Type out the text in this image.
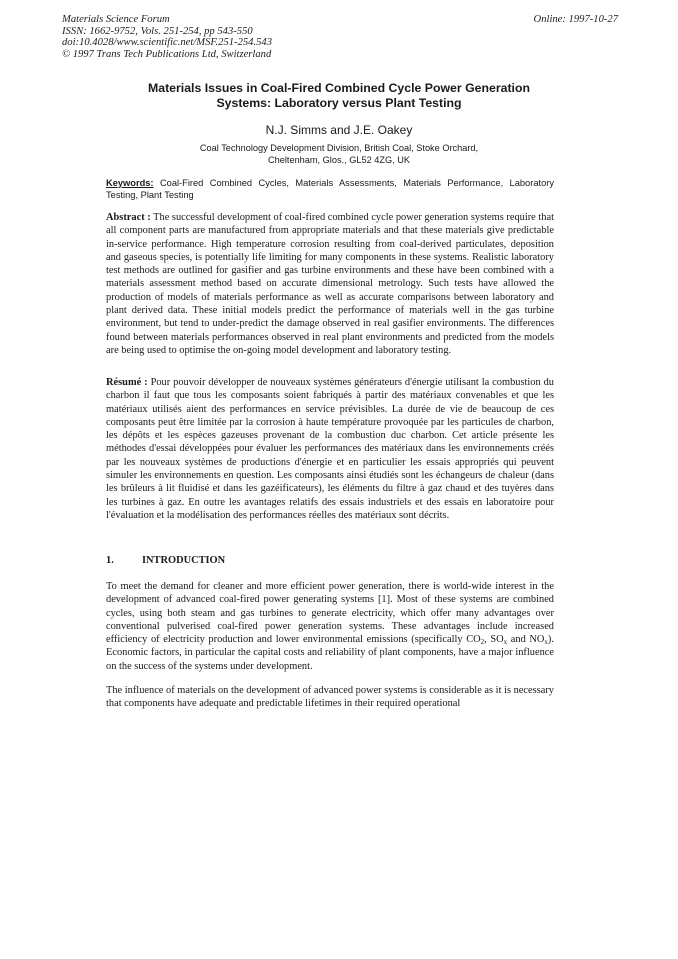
Materials Science Forum
ISSN: 1662-9752, Vols. 251-254, pp 543-550
doi:10.4028/www.scientific.net/MSF.251-254.543
© 1997 Trans Tech Publications Ltd, Switzerland
Online: 1997-10-27
Materials Issues in Coal-Fired Combined Cycle Power Generation
Systems: Laboratory versus Plant Testing
N.J. Simms and J.E. Oakey
Coal Technology Development Division, British Coal, Stoke Orchard,
Cheltenham, Glos., GL52 4ZG, UK
Keywords: Coal-Fired Combined Cycles, Materials Assessments, Materials Performance, Laboratory Testing, Plant Testing
Abstract : The successful development of coal-fired combined cycle power generation systems require that all component parts are manufactured from appropriate materials and that these materials give predictable in-service performance. High temperature corrosion resulting from coal-derived particulates, deposition and gaseous species, is potentially life limiting for many components in these systems. Realistic laboratory test methods are outlined for gasifier and gas turbine environments and these have been combined with a materials assessment method based on accurate dimensional metrology. Such tests have allowed the production of models of materials performance as well as accurate comparisons between laboratory and plant derived data. These initial models predict the performance of materials well in the gas turbine environment, but tend to under-predict the damage observed in real gasifier environments. The differences found between materials performances observed in real plant environments and predicted from the models are being used to optimise the on-going model development and laboratory testing.
Résumé : Pour pouvoir développer de nouveaux systèmes générateurs d'énergie utilisant la combustion du charbon il faut que tous les composants soient fabriqués à partir des matériaux convenables et que les matériaux utilisés aient des performances en service prévisibles. La durée de vie de beaucoup de ces composants peut être limitée par la corrosion à haute température provoquée par les particules de charbon, les dépôts et les espèces gazeuses provenant de la combustion duc charbon. Cet article présente les méthodes d'essai développées pour évaluer les performances des matériaux dans les environnements créés par les nouveaux systèmes de productions d'énergie et en particulier les essais appropriés qui peuvent simuler les environnements en question. Les composants ainsi étudiés sont les échangeurs de chaleur (dans les brûleurs à lit fluidisé et dans les gazéificateurs), les éléments du filtre à gaz chaud et des tuyères dans les turbines à gaz. En outre les avantages relatifs des essais industriels et des essais en laboratoire pour l'évaluation et la modélisation des performances réelles des matériaux sont décrits.
1.	INTRODUCTION
To meet the demand for cleaner and more efficient power generation, there is world-wide interest in the development of advanced coal-fired power generating systems [1]. Most of these systems are combined cycles, using both steam and gas turbines to generate electricity, which offer many advantages over conventional pulverised coal-fired power generation systems. These advantages include increased efficiency of electricity production and lower environmental emissions (specifically $CO_2$, $SO_x$ and $NO_x$). Economic factors, in particular the capital costs and reliability of plant components, have a major influence on the success of the systems under development.
The influence of materials on the development of advanced power systems is considerable as it is necessary that components have adequate and predictable lifetimes in their required operational
